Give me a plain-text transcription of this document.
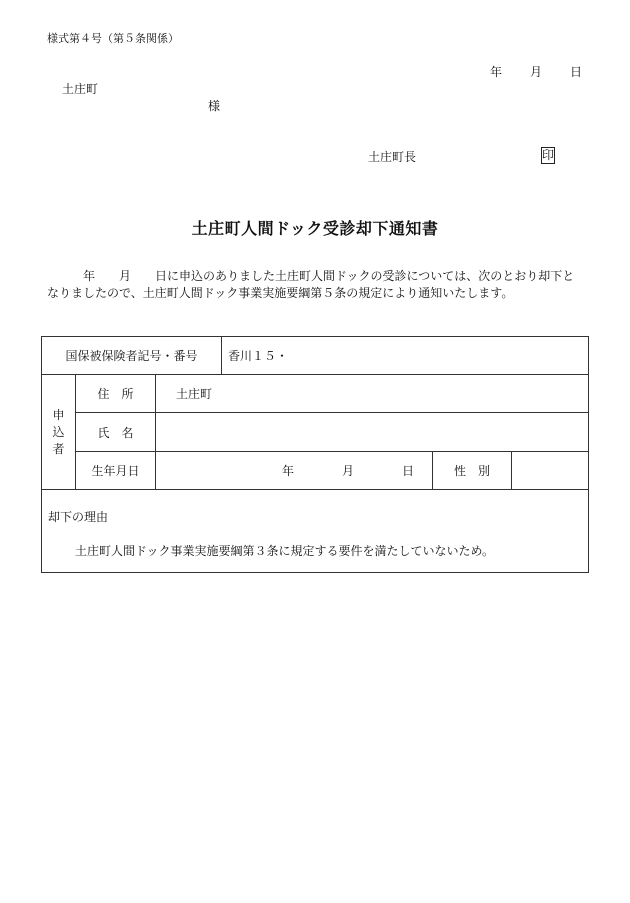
様式第４号（第５条関係）
年 月 日
土庄町
様
土庄町長	印
土庄町人間ドック受診却下通知書
　　　年　　月　　日に申込のありました土庄町人間ドックの受診については、次のとおり却下となりましたので、土庄町人間ドック事業実施要綱第５条の規定により通知いたします。
国保被保険者記号・番号			香川１５・		

申
込
者	住　所	土庄町			
	氏　名				
	生年月日	年　　　　月　　　　日		性　別	

却下の理由
土庄町人間ドック事業実施要綱第３条に規定する要件を満たしていないため。					
